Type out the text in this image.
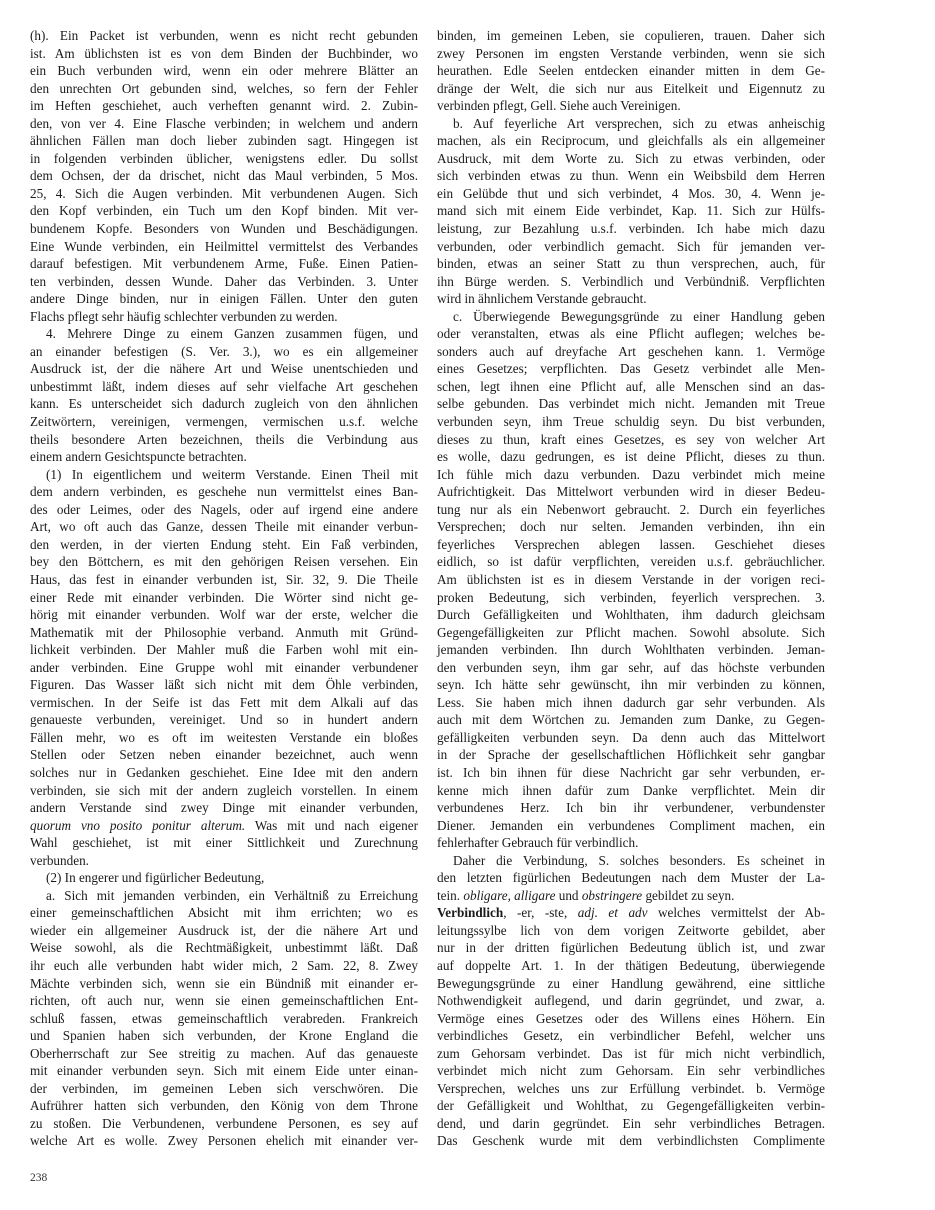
(h). Ein Packet ist verbunden, wenn es nicht recht gebunden
ist. Am üblichsten ist es von dem Binden der Buchbinder, wo
ein Buch verbunden wird, wenn ein oder mehrere Blätter an
den unrechten Ort gebunden sind, welches, so fern der Fehler
im Heften geschiehet, auch verheften genannt wird. 2. Zubin-
den, von ver 4. Eine Flasche verbinden; in welchem und andern
ähnlichen Fällen man doch lieber zubinden sagt. Hingegen ist
in folgenden verbinden üblicher, wenigstens edler. Du sollst
dem Ochsen, der da drischet, nicht das Maul verbinden, 5 Mos.
25, 4. Sich die Augen verbinden. Mit verbundenen Augen. Sich
den Kopf verbinden, ein Tuch um den Kopf binden. Mit ver-
bundenem Kopfe. Besonders von Wunden und Beschädigungen.
Eine Wunde verbinden, ein Heilmittel vermittelst des Verbandes
darauf befestigen. Mit verbundenem Arme, Fuße. Einen Patien-
ten verbinden, dessen Wunde. Daher das Verbinden. 3. Unter
andere Dinge binden, nur in einigen Fällen. Unter den guten
Flachs pflegt sehr häufig schlechter verbunden zu werden.
4. Mehrere Dinge zu einem Ganzen zusammen fügen, und
an einander befestigen (S. Ver. 3.), wo es ein allgemeiner
Ausdruck ist, der die nähere Art und Weise unentschieden und
unbestimmt läßt, indem dieses auf sehr vielfache Art geschehen
kann. Es unterscheidet sich dadurch zugleich von den ähnlichen
Zeitwörtern, vereinigen, vermengen, vermischen u.s.f. welche
theils besondere Arten bezeichnen, theils die Verbindung aus
einem andern Gesichtspuncte betrachten.
(1) In eigentlichem und weiterm Verstande. Einen Theil mit
dem andern verbinden, es geschehe nun vermittelst eines Ban-
des oder Leimes, oder des Nagels, oder auf irgend eine andere
Art, wo oft auch das Ganze, dessen Theile mit einander verbun-
den werden, in der vierten Endung steht. Ein Faß verbinden,
bey den Böttchern, es mit den gehörigen Reisen versehen. Ein
Haus, das fest in einander verbunden ist, Sir. 32, 9. Die Theile
einer Rede mit einander verbinden. Die Wörter sind nicht ge-
hörig mit einander verbunden. Wolf war der erste, welcher die
Mathematik mit der Philosophie verband. Anmuth mit Gründ-
lichkeit verbinden. Der Mahler muß die Farben wohl mit ein-
ander verbinden. Eine Gruppe wohl mit einander verbundener
Figuren. Das Wasser läßt sich nicht mit dem Öhle verbinden,
vermischen. In der Seife ist das Fett mit dem Alkali auf das
genaueste verbunden, vereiniget. Und so in hundert andern
Fällen mehr, wo es oft im weitesten Verstande ein bloßes
Stellen oder Setzen neben einander bezeichnet, auch wenn
solches nur in Gedanken geschiehet. Eine Idee mit den andern
verbinden, sie sich mit der andern zugleich vorstellen. In einem
andern Verstande sind zwey Dinge mit einander verbunden,
quorum vno posito ponitur alterum. Was mit und nach eigener
Wahl geschiehet, ist mit einer Sittlichkeit und Zurechnung
verbunden.
(2) In engerer und figürlicher Bedeutung,
a. Sich mit jemanden verbinden, ein Verhältniß zu Erreichung
einer gemeinschaftlichen Absicht mit ihm errichten; wo es
wieder ein allgemeiner Ausdruck ist, der die nähere Art und
Weise sowohl, als die Rechtmäßigkeit, unbestimmt läßt. Daß
ihr euch alle verbunden habt wider mich, 2 Sam. 22, 8. Zwey
Mächte verbinden sich, wenn sie ein Bündniß mit einander er-
richten, oft auch nur, wenn sie einen gemeinschaftlichen Ent-
schluß fassen, etwas gemeinschaftlich verabreden. Frankreich
und Spanien haben sich verbunden, der Krone England die
Oberherrschaft zur See streitig zu machen. Auf das genaueste
mit einander verbunden seyn. Sich mit einem Eide unter einan-
der verbinden, im gemeinen Leben sich verschwören. Die
Aufrührer hatten sich verbunden, den König von dem Throne
zu stoßen. Die Verbundenen, verbundene Personen, es sey auf
welche Art es wolle. Zwey Personen ehelich mit einander ver-
binden, im gemeinen Leben, sie copulieren, trauen. Daher sich
zwey Personen im engsten Verstande verbinden, wenn sie sich
heurathen. Edle Seelen entdecken einander mitten in dem Ge-
dränge der Welt, die sich nur aus Eitelkeit und Eigennutz zu
verbinden pflegt, Gell. Siehe auch Vereinigen.
b. Auf feyerliche Art versprechen, sich zu etwas anheischig
machen, als ein Reciprocum, und gleichfalls als ein allgemeiner
Ausdruck, mit dem Worte zu. Sich zu etwas verbinden, oder
sich verbinden etwas zu thun. Wenn ein Weibsbild dem Herren
ein Gelübde thut und sich verbindet, 4 Mos. 30, 4. Wenn je-
mand sich mit einem Eide verbindet, Kap. 11. Sich zur Hülfs-
leistung, zur Bezahlung u.s.f. verbinden. Ich habe mich dazu
verbunden, oder verbindlich gemacht. Sich für jemanden ver-
binden, etwas an seiner Statt zu thun versprechen, auch, für
ihn Bürge werden. S. Verbindlich und Verbündniß. Verpflichten
wird in ähnlichem Verstande gebraucht.
c. Überwiegende Bewegungsgründe zu einer Handlung geben
oder veranstalten, etwas als eine Pflicht auflegen; welches be-
sonders auch auf dreyfache Art geschehen kann. 1. Vermöge
eines Gesetzes; verpflichten. Das Gesetz verbindet alle Men-
schen, legt ihnen eine Pflicht auf, alle Menschen sind an das-
selbe gebunden. Das verbindet mich nicht. Jemanden mit Treue
verbunden seyn, ihm Treue schuldig seyn. Du bist verbunden,
dieses zu thun, kraft eines Gesetzes, es sey von welcher Art
es wolle, dazu gedrungen, es ist deine Pflicht, dieses zu thun.
Ich fühle mich dazu verbunden. Dazu verbindet mich meine
Aufrichtigkeit. Das Mittelwort verbunden wird in dieser Bedeu-
tung nur als ein Nebenwort gebraucht. 2. Durch ein feyerliches
Versprechen; doch nur selten. Jemanden verbinden, ihn ein
feyerliches Versprechen ablegen lassen. Geschiehet dieses
eidlich, so ist dafür verpflichten, vereiden u.s.f. gebräuchlicher.
Am üblichsten ist es in diesem Verstande in der vorigen reci-
proken Bedeutung, sich verbinden, feyerlich versprechen. 3.
Durch Gefälligkeiten und Wohlthaten, ihm dadurch gleichsam
Gegengefälligkeiten zur Pflicht machen. Sowohl absolute. Sich
jemanden verbinden. Ihn durch Wohlthaten verbinden. Jeman-
den verbunden seyn, ihm gar sehr, auf das höchste verbunden
seyn. Ich hätte sehr gewünscht, ihn mir verbinden zu können,
Less. Sie haben mich ihnen dadurch gar sehr verbunden. Als
auch mit dem Wörtchen zu. Jemanden zum Danke, zu Gegen-
gefälligkeiten verbunden seyn. Da denn auch das Mittelwort
in der Sprache der gesellschaftlichen Höflichkeit sehr gangbar
ist. Ich bin ihnen für diese Nachricht gar sehr verbunden, er-
kenne mich ihnen dafür zum Danke verpflichtet. Mein dir
verbundenes Herz. Ich bin ihr verbundener, verbundenster
Diener. Jemanden ein verbundenes Compliment machen, ein
fehlerhafter Gebrauch für verbindlich.
Daher die Verbindung, S. solches besonders. Es scheinet in
den letzten figürlichen Bedeutungen nach dem Muster der La-
tein. obligare, alligare und obstringere gebildet zu seyn.
Verbindlich, -er, -ste, adj. et adv welches vermittelst der Ab-
leitungssylbe lich von dem vorigen Zeitworte gebildet, aber
nur in der dritten figürlichen Bedeutung üblich ist, und zwar
auf doppelte Art. 1. In der thätigen Bedeutung, überwiegende
Bewegungsgründe zu einer Handlung gewährend, eine sittliche
Nothwendigkeit auflegend, und darin gegründet, und zwar, a.
Vermöge eines Gesetzes oder des Willens eines Höhern. Ein
verbindliches Gesetz, ein verbindlicher Befehl, welcher uns
zum Gehorsam verbindet. Das ist für mich nicht verbindlich,
verbindet mich nicht zum Gehorsam. Ein sehr verbindliches
Versprechen, welches uns zur Erfüllung verbindet. b. Vermöge
der Gefälligkeit und Wohlthat, zu Gegengefälligkeiten verbin-
dend, und darin gegründet. Ein sehr verbindliches Betragen.
Das Geschenk wurde mit dem verbindlichsten Complimente
238
